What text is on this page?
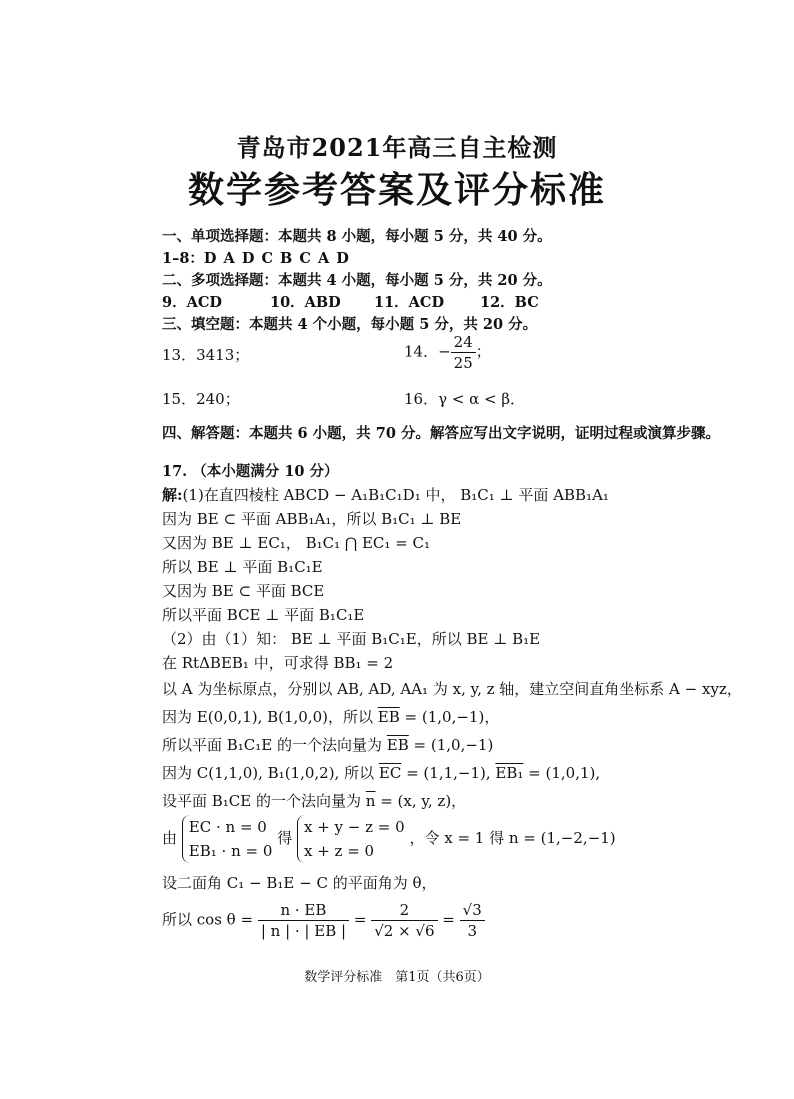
青岛市2021年高三自主检测
数学参考答案及评分标准
一、单项选择题：本题共 8 小题，每小题 5 分，共 40 分。
1–8：D A D C B C A D
二、多项选择题：本题共 4 小题，每小题 5 分，共 20 分。
9．ACD	10．ABD 11．ACD 12．BC
三、填空题：本题共 4 个小题，每小题 5 分，共 20 分。
13．3413；	14．− $\frac{24}{25}$ ；
15．240；	16．γ < α < β．
四、解答题：本题共 6 小题，共 70 分。解答应写出文字说明，证明过程或演算步骤。
17. （本小题满分 10 分）
解:(1)在直四棱柱 ABCD − A₁B₁C₁D₁ 中， B₁C₁ ⊥ 平面 ABB₁A₁
因为 BE ⊂ 平面 ABB₁A₁，所以 B₁C₁ ⊥ BE
又因为 BE ⊥ EC₁， B₁C₁ ⋂ EC₁ = C₁
所以 BE ⊥ 平面 B₁C₁E
又因为 BE ⊂ 平面 BCE
所以平面 BCE ⊥ 平面 B₁C₁E
（2）由（1）知： BE ⊥ 平面 B₁C₁E，所以 BE ⊥ B₁E
在 RtΔBEB₁ 中，可求得 BB₁ = 2
以 A 为坐标原点，分别以 AB, AD, AA₁ 为 x, y, z 轴，建立空间直角坐标系 A − xyz，
因为 E(0,0,1), B(1,0,0)，所以 $\overline{EB} = (1,0,-1)$，
所以平面 B₁C₁E 的一个法向量为 $\overline{EB} = (1,0,-1)$
因为 C(1,1,0), B₁(1,0,2), 所以 $\overline{EC} = (1,1,-1)$, EB₁ = (1,0,1),
设平面 B₁CE 的一个法向量为 $\overline{n} = (x$, y, z)，
由
EC · n = 0
EB₁ · n = 0
得
x + y − z = 0
x + z = 0
，令 x = 1 得 n = (1,−2,−1)
设二面角 C₁ − B₁E − C 的平面角为 θ，
所以 $\cos \theta = \frac{n \cdot EB}{| n | \cdot | EB |} = \frac{2}{√2 \times √6} = \frac{√3}{3}$
数学评分标准　第1页（共6页）
